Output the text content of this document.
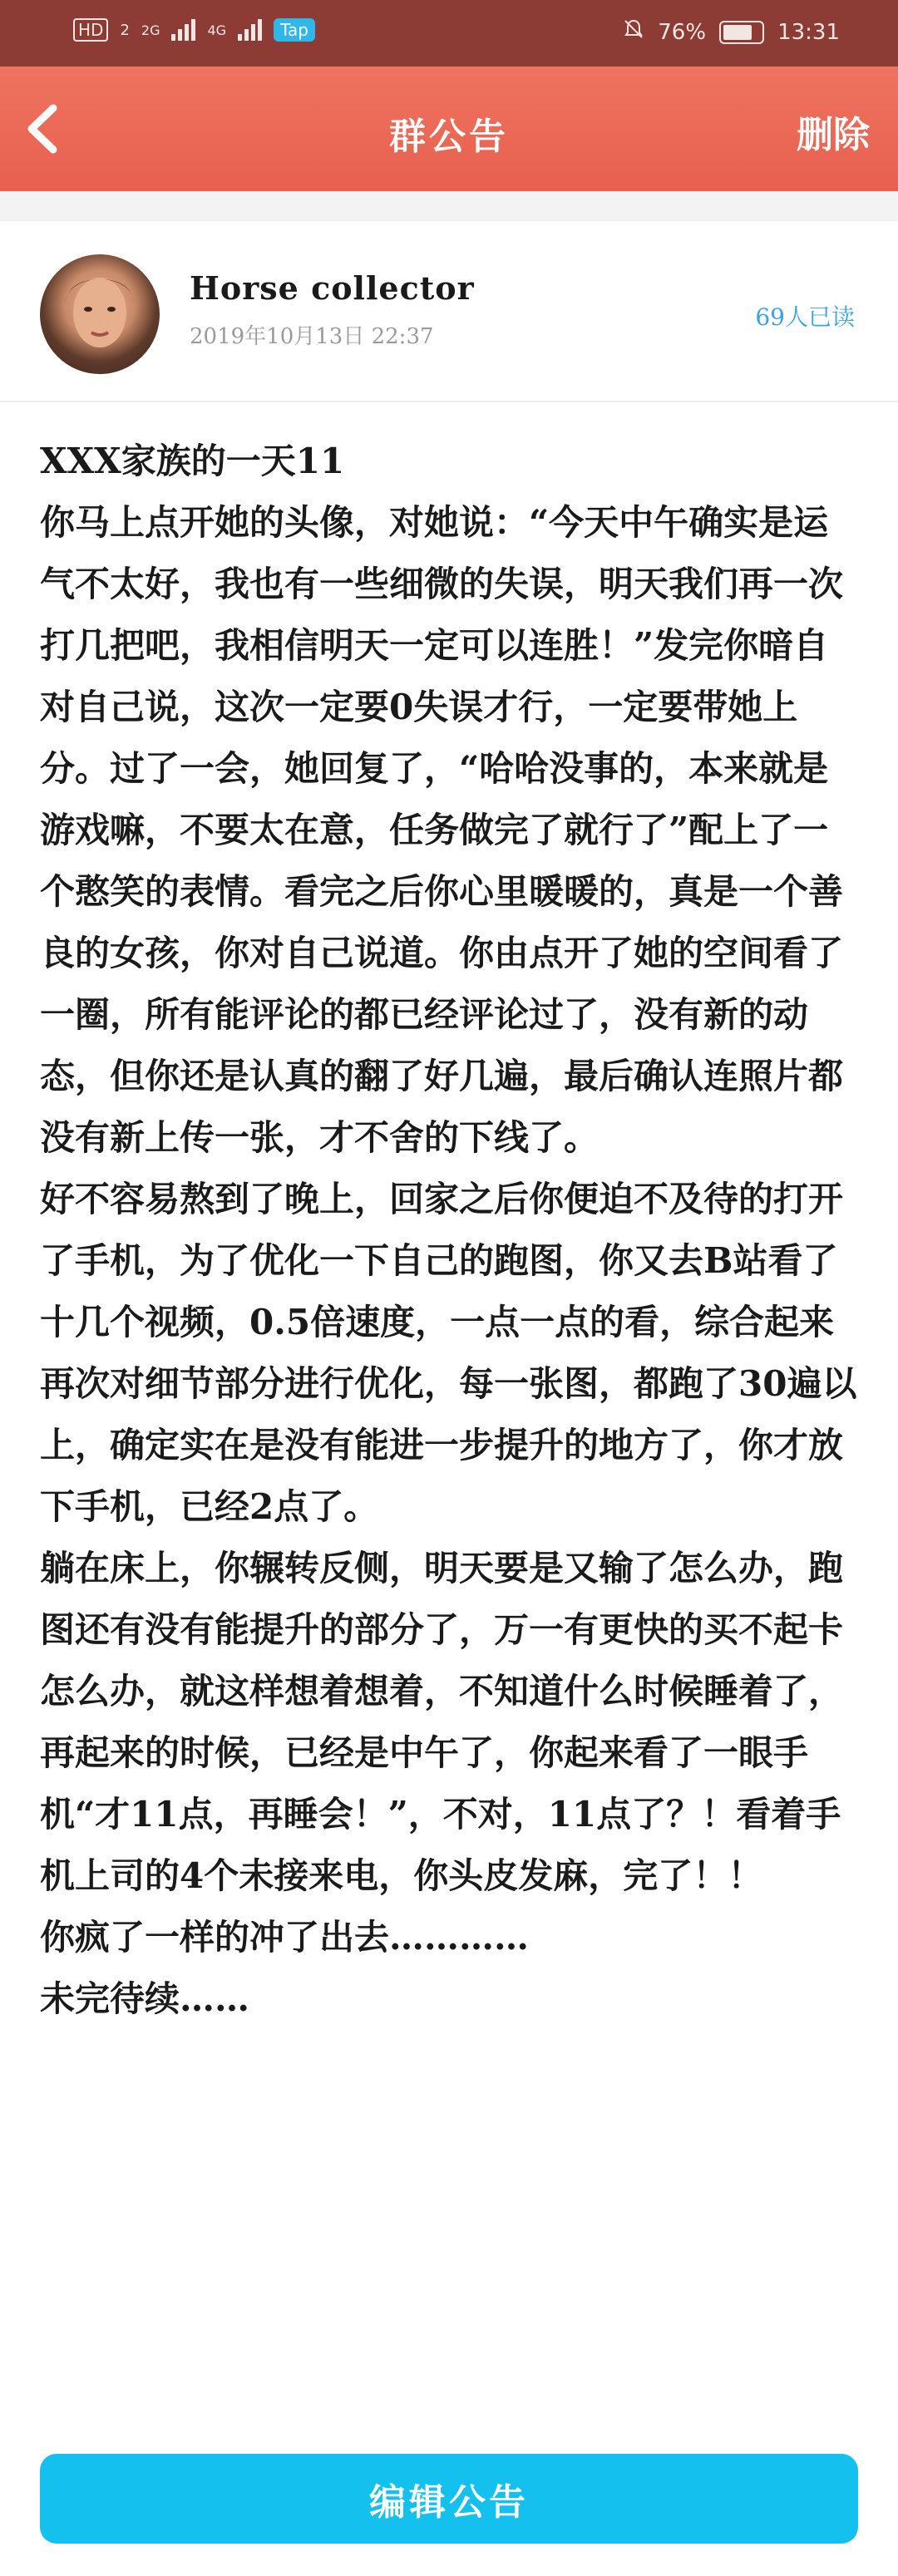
HD	2 2G	4G	Tap	76%	13:31
群公告	删除
Horse collector
2019年10月13日 22:37
69人已读

XXX家族的一天11

你马上点开她的头像，对她说：“今天中午确实是运气不太好，我也有一些细微的失误，明天我们再一次打几把吧，我相信明天一定可以连胜！”发完你暗自对自己说，这次一定要0失误才行，一定要带她上分。过了一会，她回复了，“哈哈没事的，本来就是游戏嘛，不要太在意，任务做完了就行了”配上了一个憨笑的表情。看完之后你心里暖暖的，真是一个善良的女孩，你对自己说道。你由点开了她的空间看了一圈，所有能评论的都已经评论过了，没有新的动态，但你还是认真的翻了好几遍，最后确认连照片都没有新上传一张，才不舍的下线了。

好不容易熬到了晚上，回家之后你便迫不及待的打开了手机，为了优化一下自己的跑图，你又去B站看了十几个视频，0.5倍速度，一点一点的看，综合起来再次对细节部分进行优化，每一张图，都跑了30遍以上，确定实在是没有能进一步提升的地方了，你才放下手机，已经2点了。

躺在床上，你辗转反侧，明天要是又输了怎么办，跑图还有没有能提升的部分了，万一有更快的买不起卡怎么办，就这样想着想着，不知道什么时候睡着了，再起来的时候，已经是中午了，你起来看了一眼手机“才11点，再睡会！”，不对，11点了？！看着手机上司的4个未接来电，你头皮发麻，完了！！

你疯了一样的冲了出去…………

未完待续……

编辑公告
